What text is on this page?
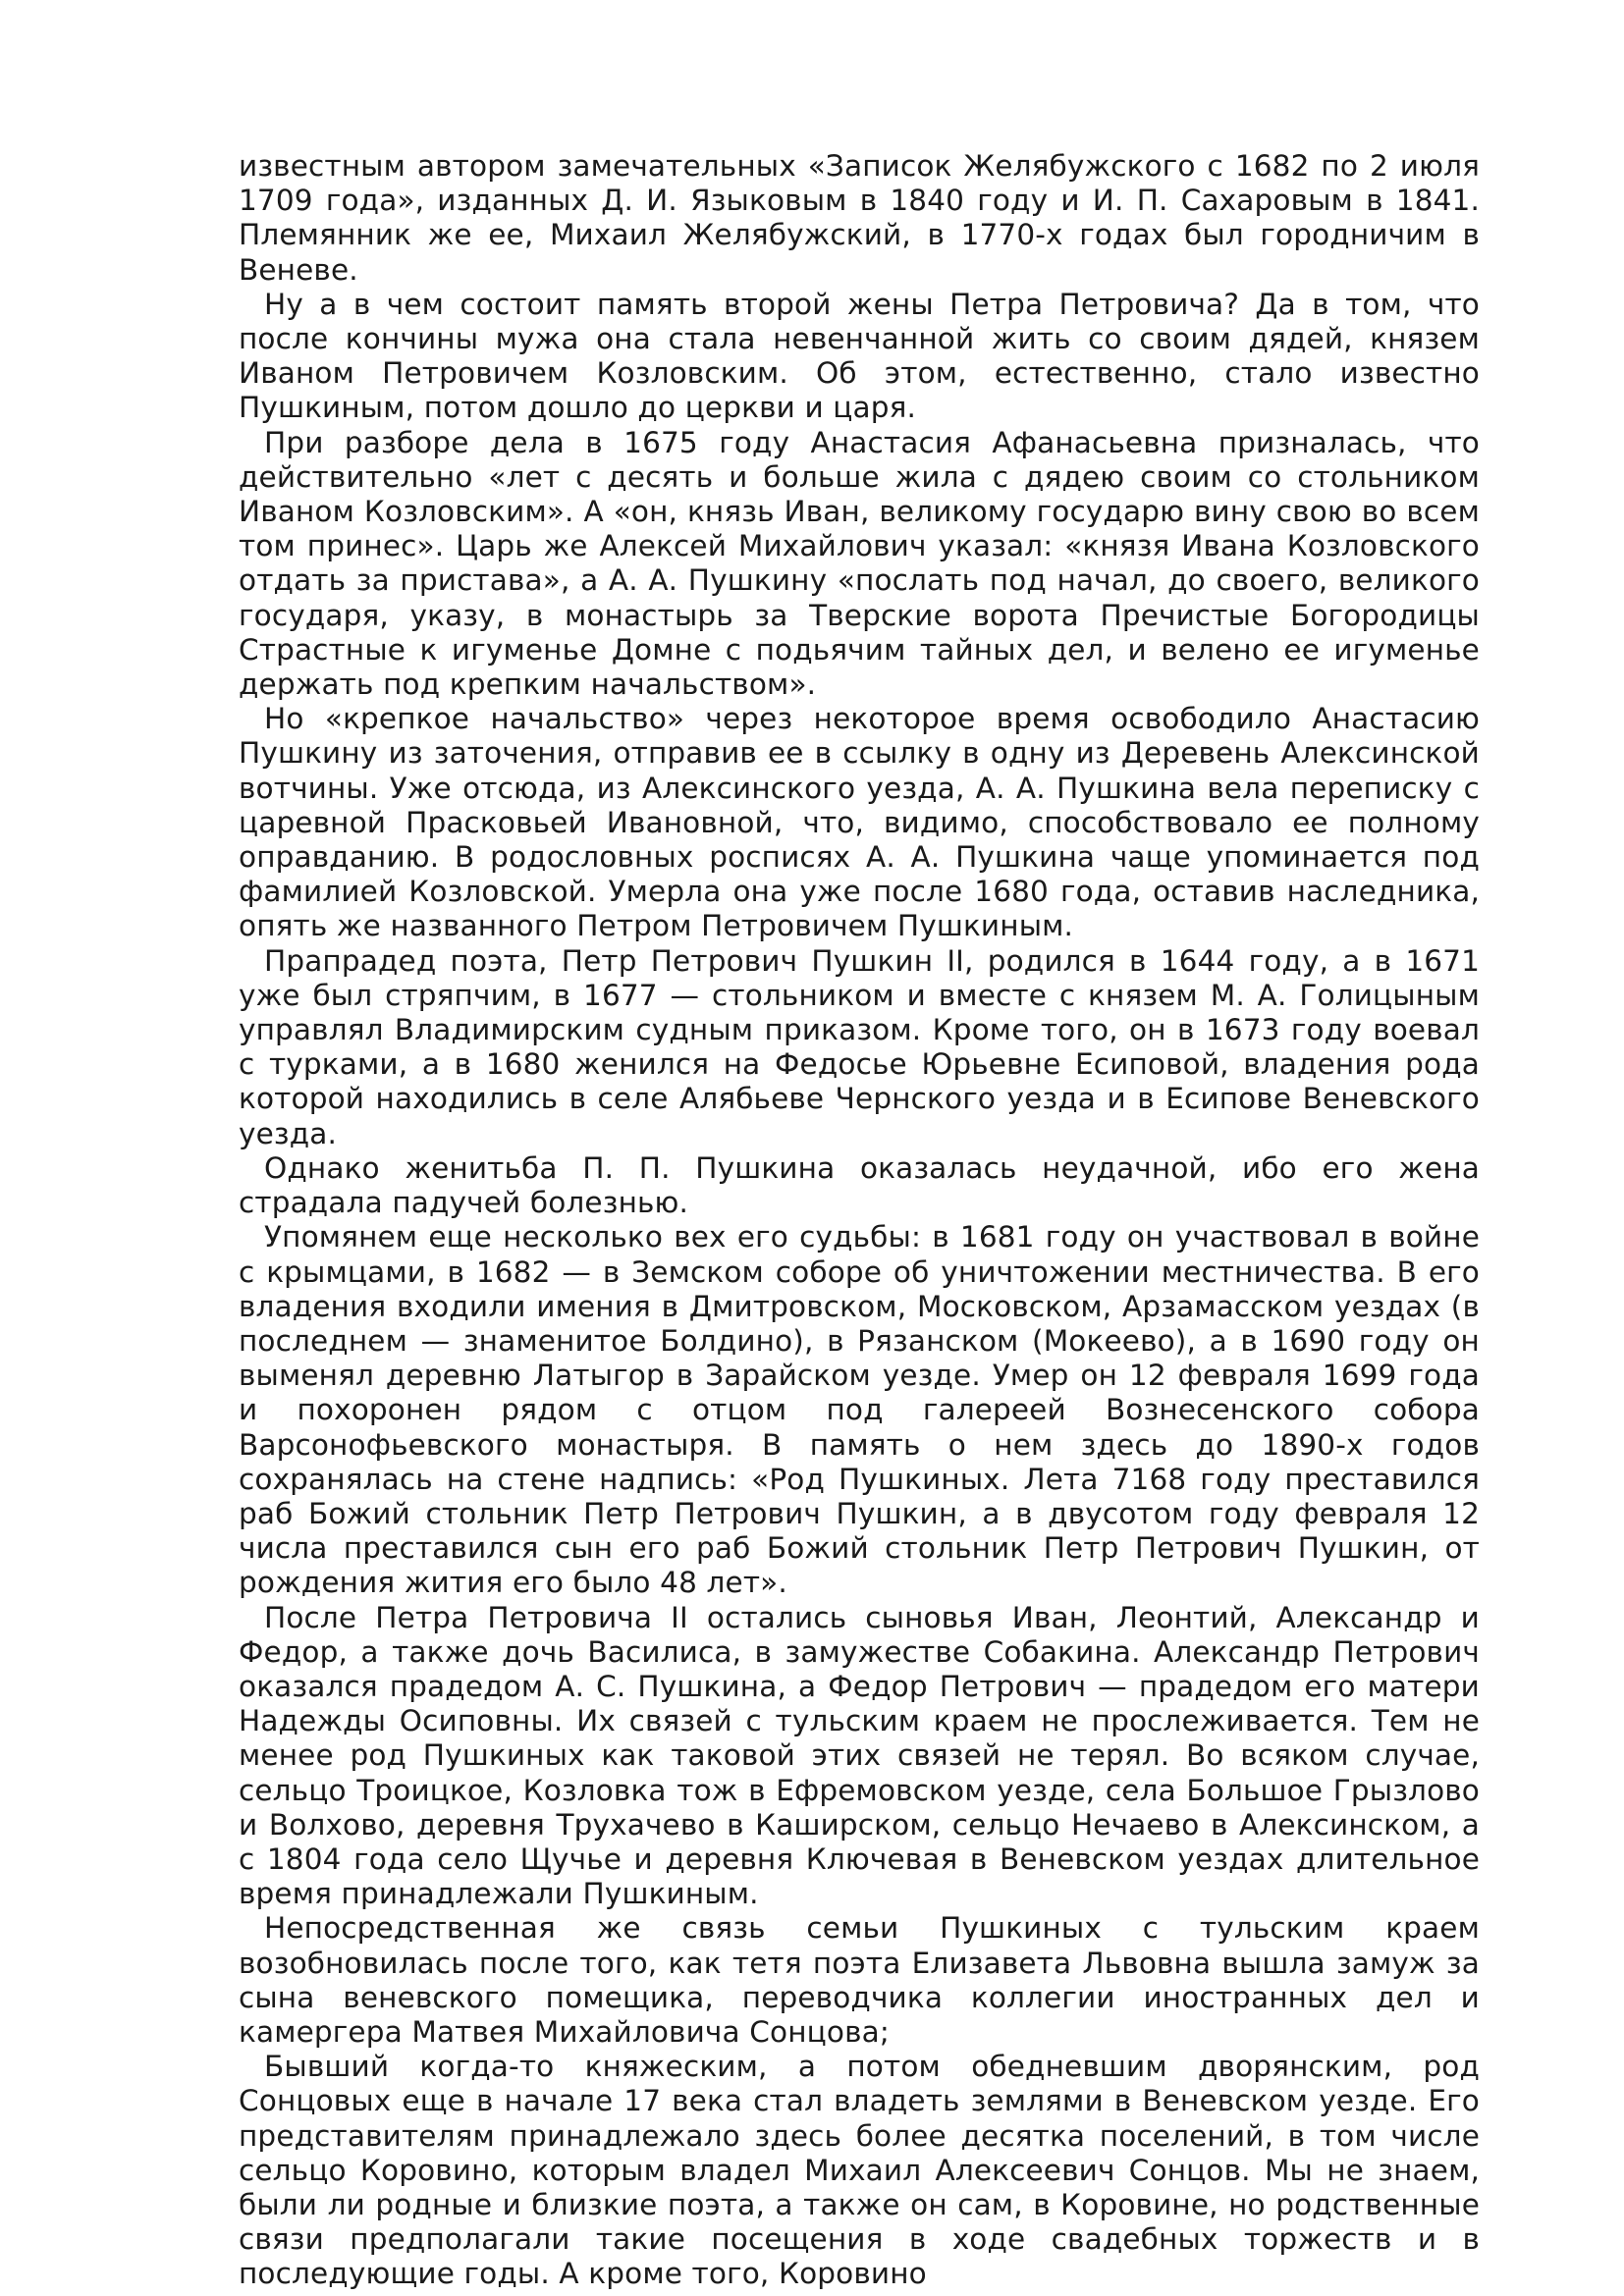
известным автором замечательных «Записок Желябужского с 1682 по 2 июля 1709 года», изданных Д. И. Языковым в 1840 году и И. П. Сахаровым в 1841. Племянник же ее, Михаил Желябужский, в 1770-х годах был городничим в Веневе.

Ну а в чем состоит память второй жены Петра Петровича? Да в том, что после кончины мужа она стала невенчанной жить со своим дядей, князем Иваном Петровичем Козловским. Об этом, естественно, стало известно Пушкиным, потом дошло до церкви и царя.

При разборе дела в 1675 году Анастасия Афанасьевна призналась, что действительно «лет с десять и больше жила с дядею своим со стольником Иваном Козловским». А «он, князь Иван, великому государю вину свою во всем том принес». Царь же Алексей Михайлович указал: «князя Ивана Козловского отдать за пристава», а А. А. Пушкину «послать под начал, до своего, великого государя, указу, в монастырь за Тверские ворота Пречистые Богородицы Страстные к игуменье Домне с подьячим тайных дел, и велено ее игуменье держать под крепким начальством».

Но «крепкое начальство» через некоторое время освободило Анастасию Пушкину из заточения, отправив ее в ссылку в одну из Деревень Алексинской вотчины. Уже отсюда, из Алексинского уезда, А. А. Пушкина вела переписку с царевной Прасковьей Ивановной, что, видимо, способствовало ее полному оправданию. В родословных росписях А. А. Пушкина чаще упоминается под фамилией Козловской. Умерла она уже после 1680 года, оставив наследника, опять же названного Петром Петровичем Пушкиным.

Прапрадед поэта, Петр Петрович Пушкин II, родился в 1644 году, а в 1671 уже был стряпчим, в 1677 — стольником и вместе с князем М. А. Голицыным управлял Владимирским судным приказом. Кроме того, он в 1673 году воевал с турками, а в 1680 женился на Федосье Юрьевне Есиповой, владения рода которой находились в селе Алябьеве Чернского уезда и в Есипове Веневского уезда.

Однако женитьба П. П. Пушкина оказалась неудачной, ибо его жена страдала падучей болезнью.

Упомянем еще несколько вех его судьбы: в 1681 году он участвовал в войне с крымцами, в 1682 — в Земском соборе об уничтожении местничества. В его владения входили имения в Дмитровском, Московском, Арзамасском уездах (в последнем — знаменитое Болдино), в Рязанском (Мокеево), а в 1690 году он выменял деревню Латыгор в Зарайском уезде. Умер он 12 февраля 1699 года и похоронен рядом с отцом под галереей Вознесенского собора Варсонофьевского монастыря. В память о нем здесь до 1890-х годов сохранялась на стене надпись: «Род Пушкиных. Лета 7168 году преставился раб Божий стольник Петр Петрович Пушкин, а в двусотом году февраля 12 числа преставился сын его раб Божий стольник Петр Петрович Пушкин, от рождения жития его было 48 лет».

После Петра Петровича II остались сыновья Иван, Леонтий, Александр и Федор, а также дочь Василиса, в замужестве Собакина. Александр Петрович оказался прадедом А. С. Пушкина, а Федор Петрович — прадедом его матери Надежды Осиповны. Их связей с тульским краем не прослеживается. Тем не менее род Пушкиных как таковой этих связей не терял. Во всяком случае, сельцо Троицкое, Козловка тож в Ефремовском уезде, села Большое Грызлово и Волхово, деревня Трухачево в Каширском, сельцо Нечаево в Алексинском, а с 1804 года село Щучье и деревня Ключевая в Веневском уездах длительное время принадлежали Пушкиным.

Непосредственная же связь семьи Пушкиных с тульским краем возобновилась после того, как тетя поэта Елизавета Львовна вышла замуж за сына веневского помещика, переводчика коллегии иностранных дел и камергера Матвея Михайловича Сонцова;

Бывший когда-то княжеским, а потом обедневшим дворянским, род Сонцовых еще в начале 17 века стал владеть землями в Веневском уезде. Его представителям принадлежало здесь более десятка поселений, в том числе сельцо Коровино, которым владел Михаил Алексеевич Сонцов. Мы не знаем, были ли родные и близкие поэта, а также он сам, в Коровине, но родственные связи предполагали такие посещения в ходе свадебных торжеств и в последующие годы. А кроме того, Коровино
